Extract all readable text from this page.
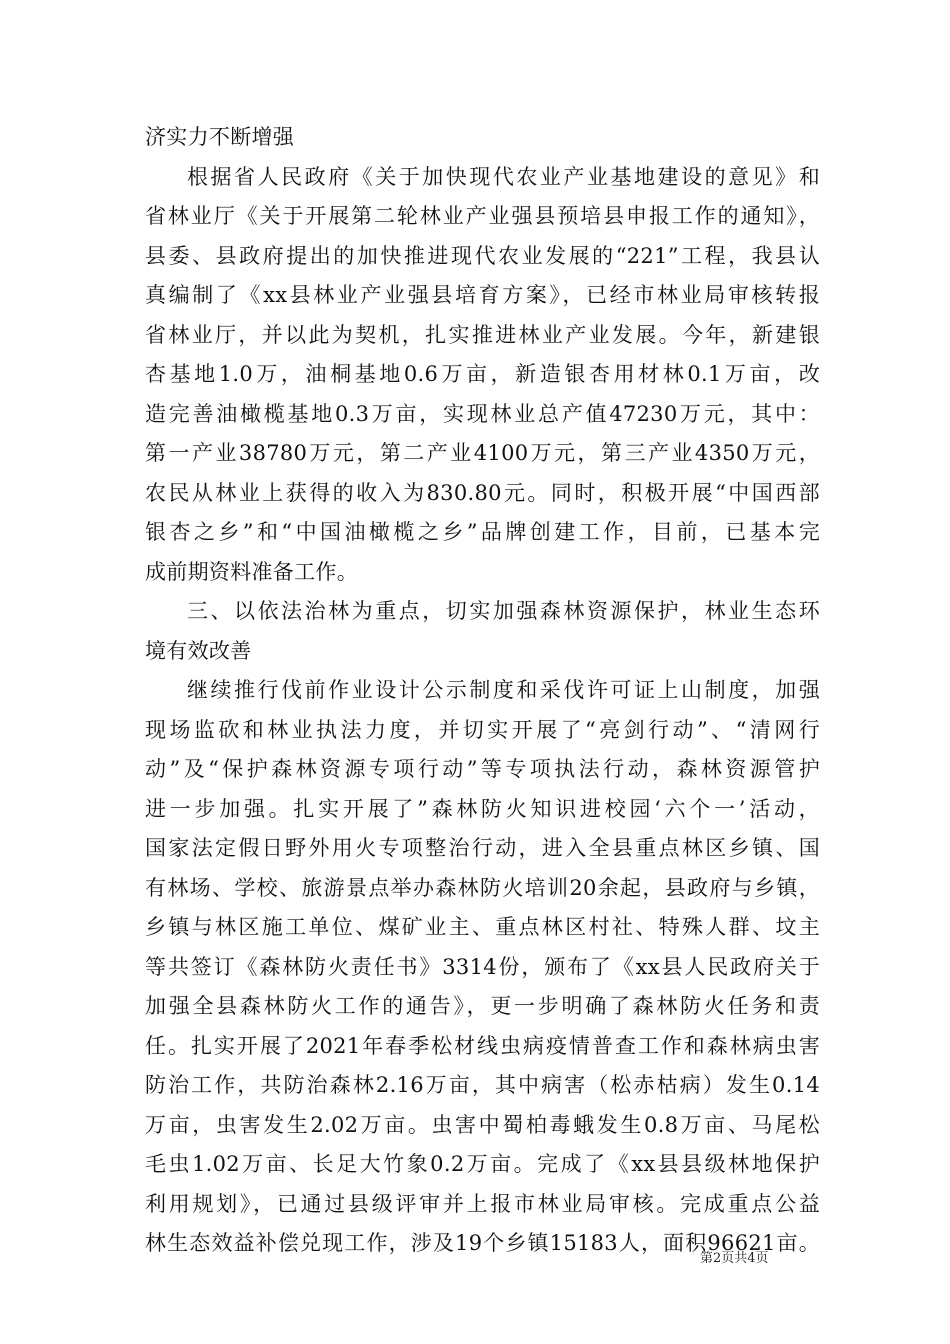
济实力不断增强
根据省人民政府《关于加快现代农业产业基地建设的意见》和
省林业厅《关于开展第二轮林业产业强县预培县申报工作的通知》，
县委、县政府提出的加快推进现代农业发展的“221”工程，我县认
真编制了《xx县林业产业强县培育方案》，已经市林业局审核转报
省林业厅，并以此为契机，扎实推进林业产业发展。今年，新建银
杏基地1.0万，油桐基地0.6万亩，新造银杏用材林0.1万亩，改
造完善油橄榄基地0.3万亩，实现林业总产值47230万元，其中：
第一产业38780万元，第二产业4100万元，第三产业4350万元，
农民从林业上获得的收入为830.80元。同时，积极开展“中国西部
银杏之乡”和“中国油橄榄之乡”品牌创建工作，目前，已基本完
成前期资料准备工作。
三、以依法治林为重点，切实加强森林资源保护，林业生态环
境有效改善
继续推行伐前作业设计公示制度和采伐许可证上山制度，加强
现场监砍和林业执法力度，并切实开展了“亮剑行动”、“清网行
动”及“保护森林资源专项行动”等专项执法行动，森林资源管护
进一步加强。扎实开展了”森林防火知识进校园‘六个一’活动，
国家法定假日野外用火专项整治行动，进入全县重点林区乡镇、国
有林场、学校、旅游景点举办森林防火培训20余起，县政府与乡镇，
乡镇与林区施工单位、煤矿业主、重点林区村社、特殊人群、坟主
等共签订《森林防火责任书》3314份，颁布了《xx县人民政府关于
加强全县森林防火工作的通告》，更一步明确了森林防火任务和责
任。扎实开展了2021年春季松材线虫病疫情普查工作和森林病虫害
防治工作，共防治森林2.16万亩，其中病害（松赤枯病）发生0.14
万亩，虫害发生2.02万亩。虫害中蜀柏毒蛾发生0.8万亩、马尾松
毛虫1.02万亩、长足大竹象0.2万亩。完成了《xx县县级林地保护
利用规划》，已通过县级评审并上报市林业局审核。完成重点公益
林生态效益补偿兑现工作，涉及19个乡镇15183人，面积96621亩。
第2页共4页
